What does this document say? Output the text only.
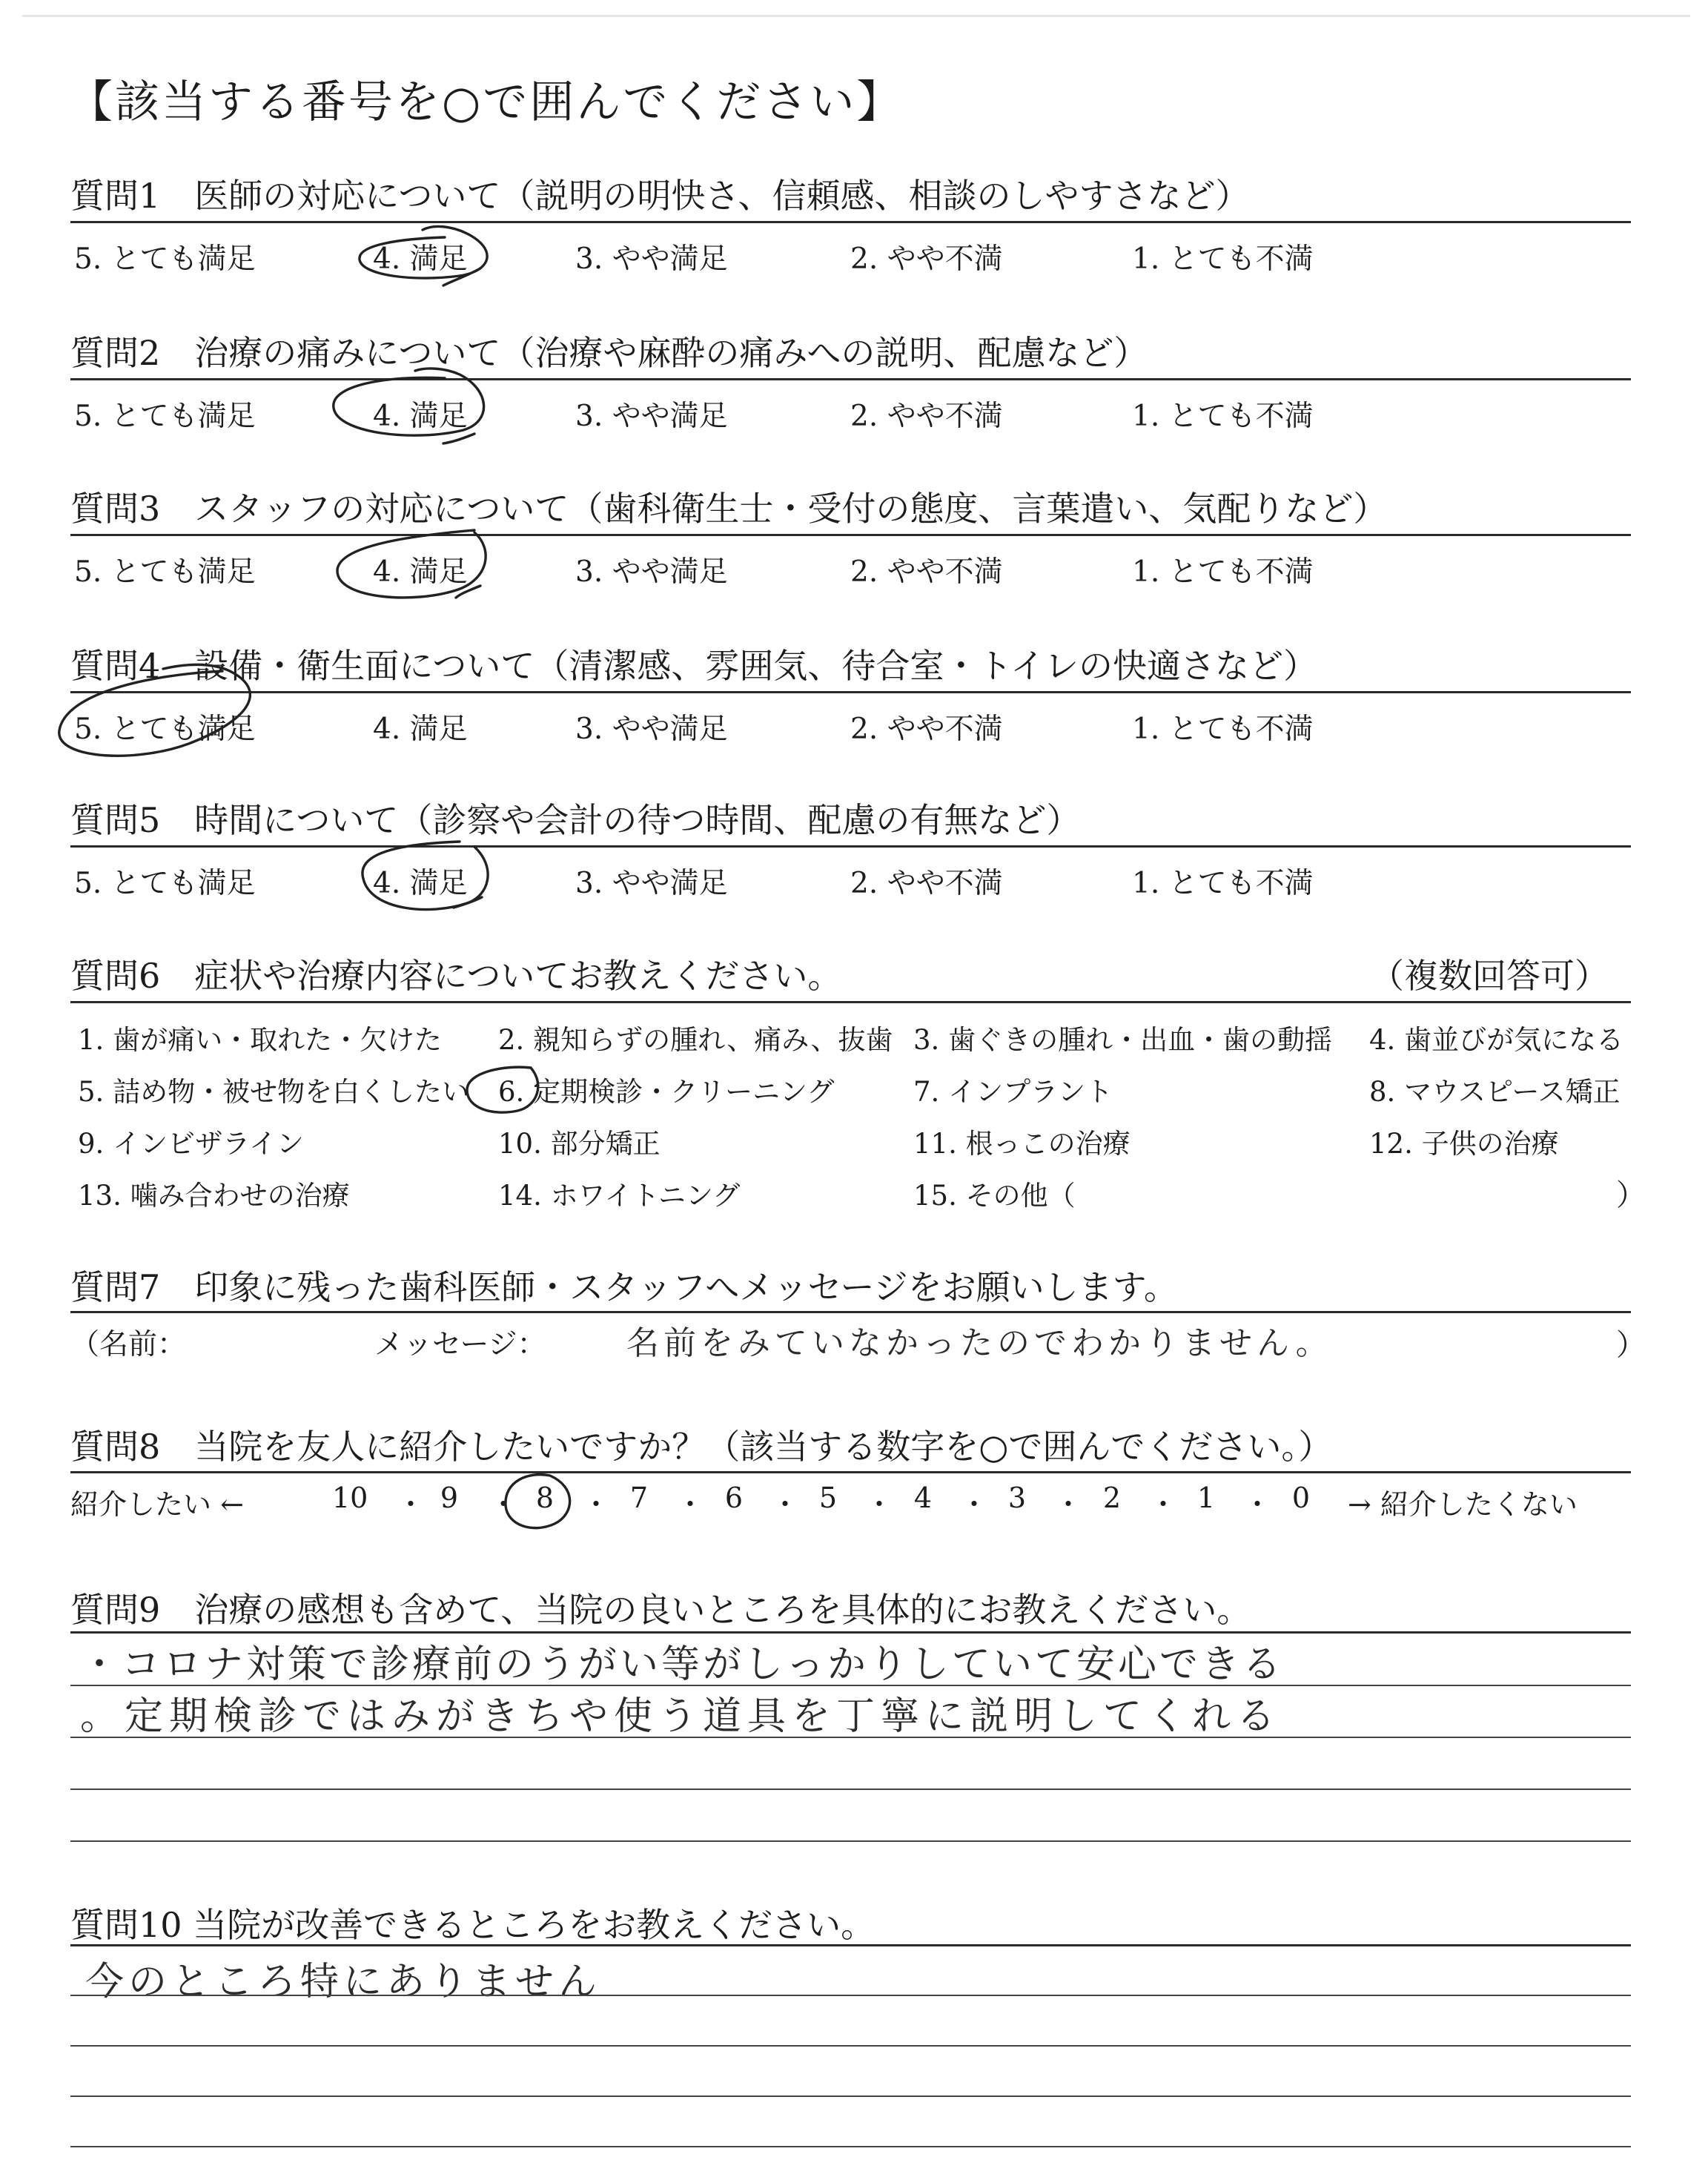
【該当する番号を○で囲んでください】
質問1　医師の対応について（説明の明快さ、信頼感、相談のしやすさなど）
5. とても満足	4. 満足	3. やや満足	2. やや不満	1. とても不満
質問2　治療の痛みについて（治療や麻酔の痛みへの説明、配慮など）
5. とても満足	4. 満足	3. やや満足	2. やや不満	1. とても不満
質問3　スタッフの対応について（歯科衛生士・受付の態度、言葉遣い、気配りなど）
5. とても満足	4. 満足	3. やや満足	2. やや不満	1. とても不満
質問4　設備・衛生面について（清潔感、雰囲気、待合室・トイレの快適さなど）
5. とても満足	4. 満足	3. やや満足	2. やや不満	1. とても不満
質問5　時間について（診察や会計の待つ時間、配慮の有無など）
5. とても満足	4. 満足	3. やや満足	2. やや不満	1. とても不満
質問6　症状や治療内容についてお教えください。	（複数回答可）
1. 歯が痛い・取れた・欠けた 2. 親知らずの腫れ、痛み、抜歯 3. 歯ぐきの腫れ・出血・歯の動揺 4. 歯並びが気になる
5. 詰め物・被せ物を白くしたい 6. 定期検診・クリーニング	7. インプラント	8. マウスピース矯正
9. インビザライン	10. 部分矯正	11. 根っこの治療	12. 子供の治療
13. 噛み合わせの治療	14. ホワイトニング	15. その他（	）
質問7　印象に残った歯科医師・スタッフへメッセージをお願いします。
（名前：	メッセージ： 名前をみていなかったのでわかりません。	）
質問8　当院を友人に紹介したいですか？（該当する数字を○で囲んでください。）
紹介したい ←	→ 紹介したくない
10 ・ 9 ・ 8 ・ 7 ・ 6 ・ 5 ・ 4 ・ 3 ・ 2 ・ 1 ・ 0
質問9　治療の感想も含めて、当院の良いところを具体的にお教えください。
・コロナ対策で診療前のうがい等がしっかりしていて安心できる
。定期検診ではみがきちや使う道具を丁寧に説明してくれる
質問10 当院が改善できるところをお教えください。
今のところ特にありません
